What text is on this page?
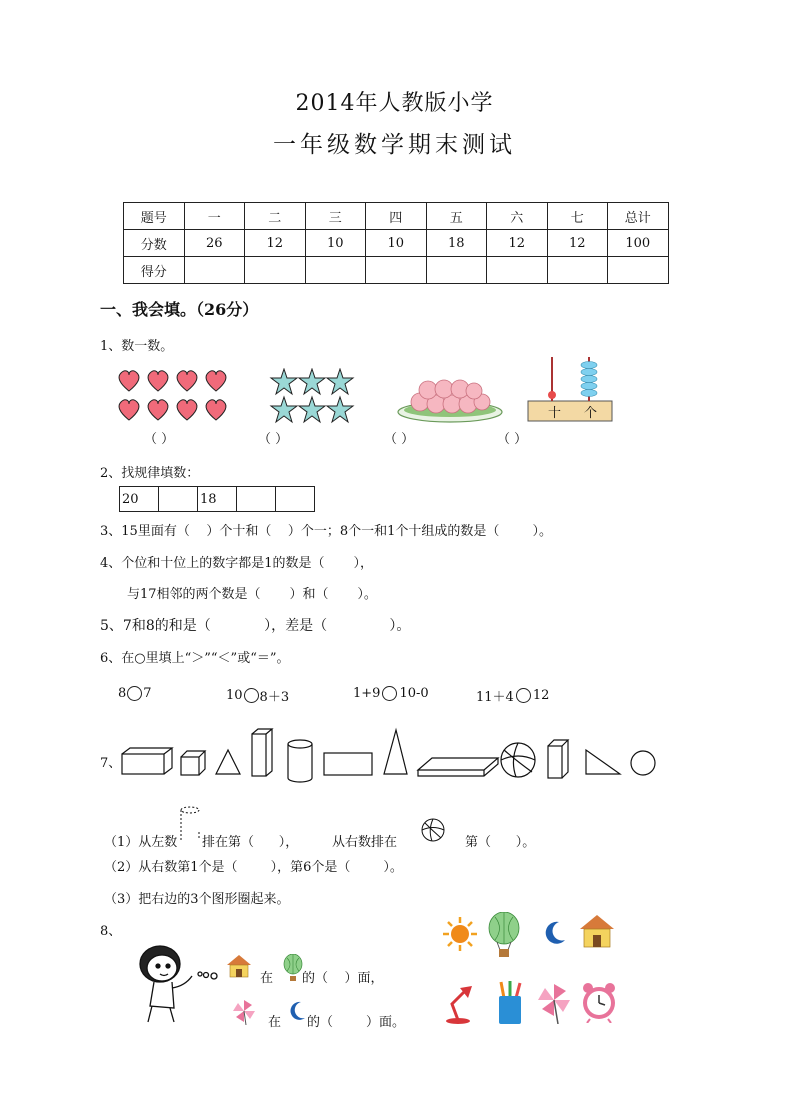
2014年人教版小学
一年级数学期末测试
题号	一	二	三	四	五	六	七	总计
分数	26	12	10	10	18	12	12	100
得分								
一、我会填。（26分）
1、数一数。
十 个
（ ）	（ ）	（ ）	（ ）
2、找规律填数：
20		18		
3、15里面有（    ）个十和（    ）个一；8个一和1个十组成的数是（        ）。
4、个位和十位上的数字都是1的数是（       ），
与17相邻的两个数是（       ）和（       ）。
5、7和8的和是（            ），差是（              ）。
6、在○里填上“＞”“＜”或“＝”。
8 7	10 8＋3	1+9 10-0	11＋4 12
7、
（1）从左数 排在第（      ），	从右数排在	第（      ）。
（2）从右数第1个是（        ），第6个是（        ）。
（3）把右边的3个图形圈起来。
8、
在 的（    ）面，
在 的（        ）面。
